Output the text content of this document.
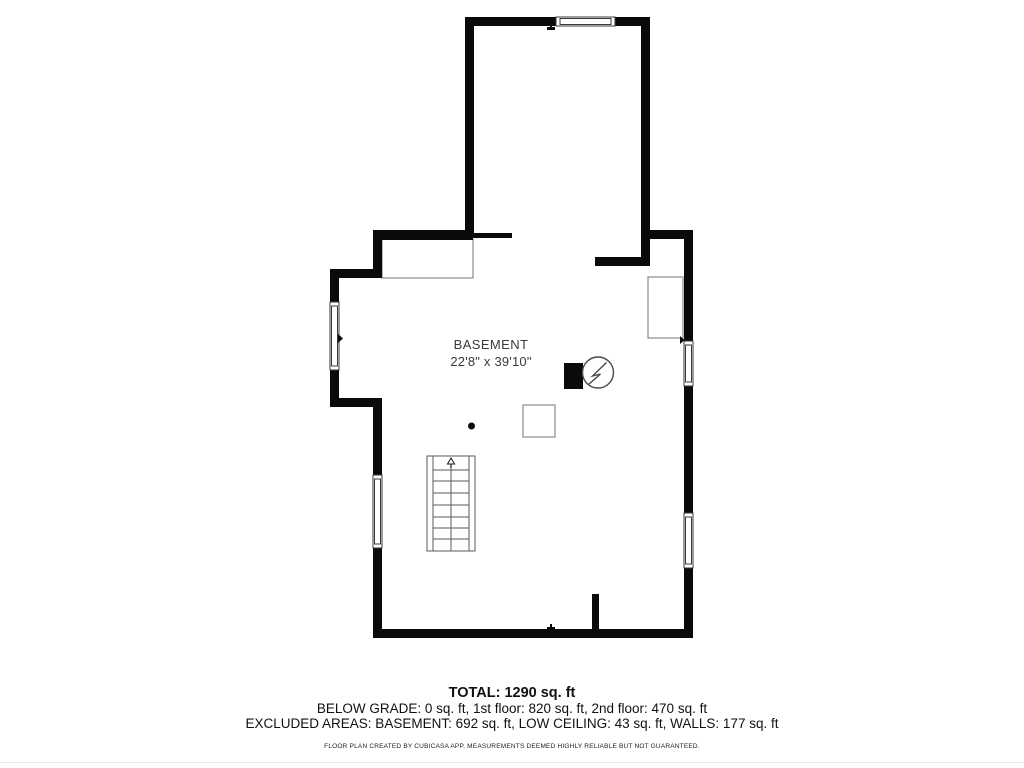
BASEMENT
22'8" x 39'10"
TOTAL: 1290 sq. ft
BELOW GRADE: 0 sq. ft, 1st floor: 820 sq. ft, 2nd floor: 470 sq. ft
EXCLUDED AREAS: BASEMENT: 692 sq. ft, LOW CEILING: 43 sq. ft, WALLS: 177 sq. ft
FLOOR PLAN CREATED BY CUBICASA APP. MEASUREMENTS DEEMED HIGHLY RELIABLE BUT NOT GUARANTEED.
